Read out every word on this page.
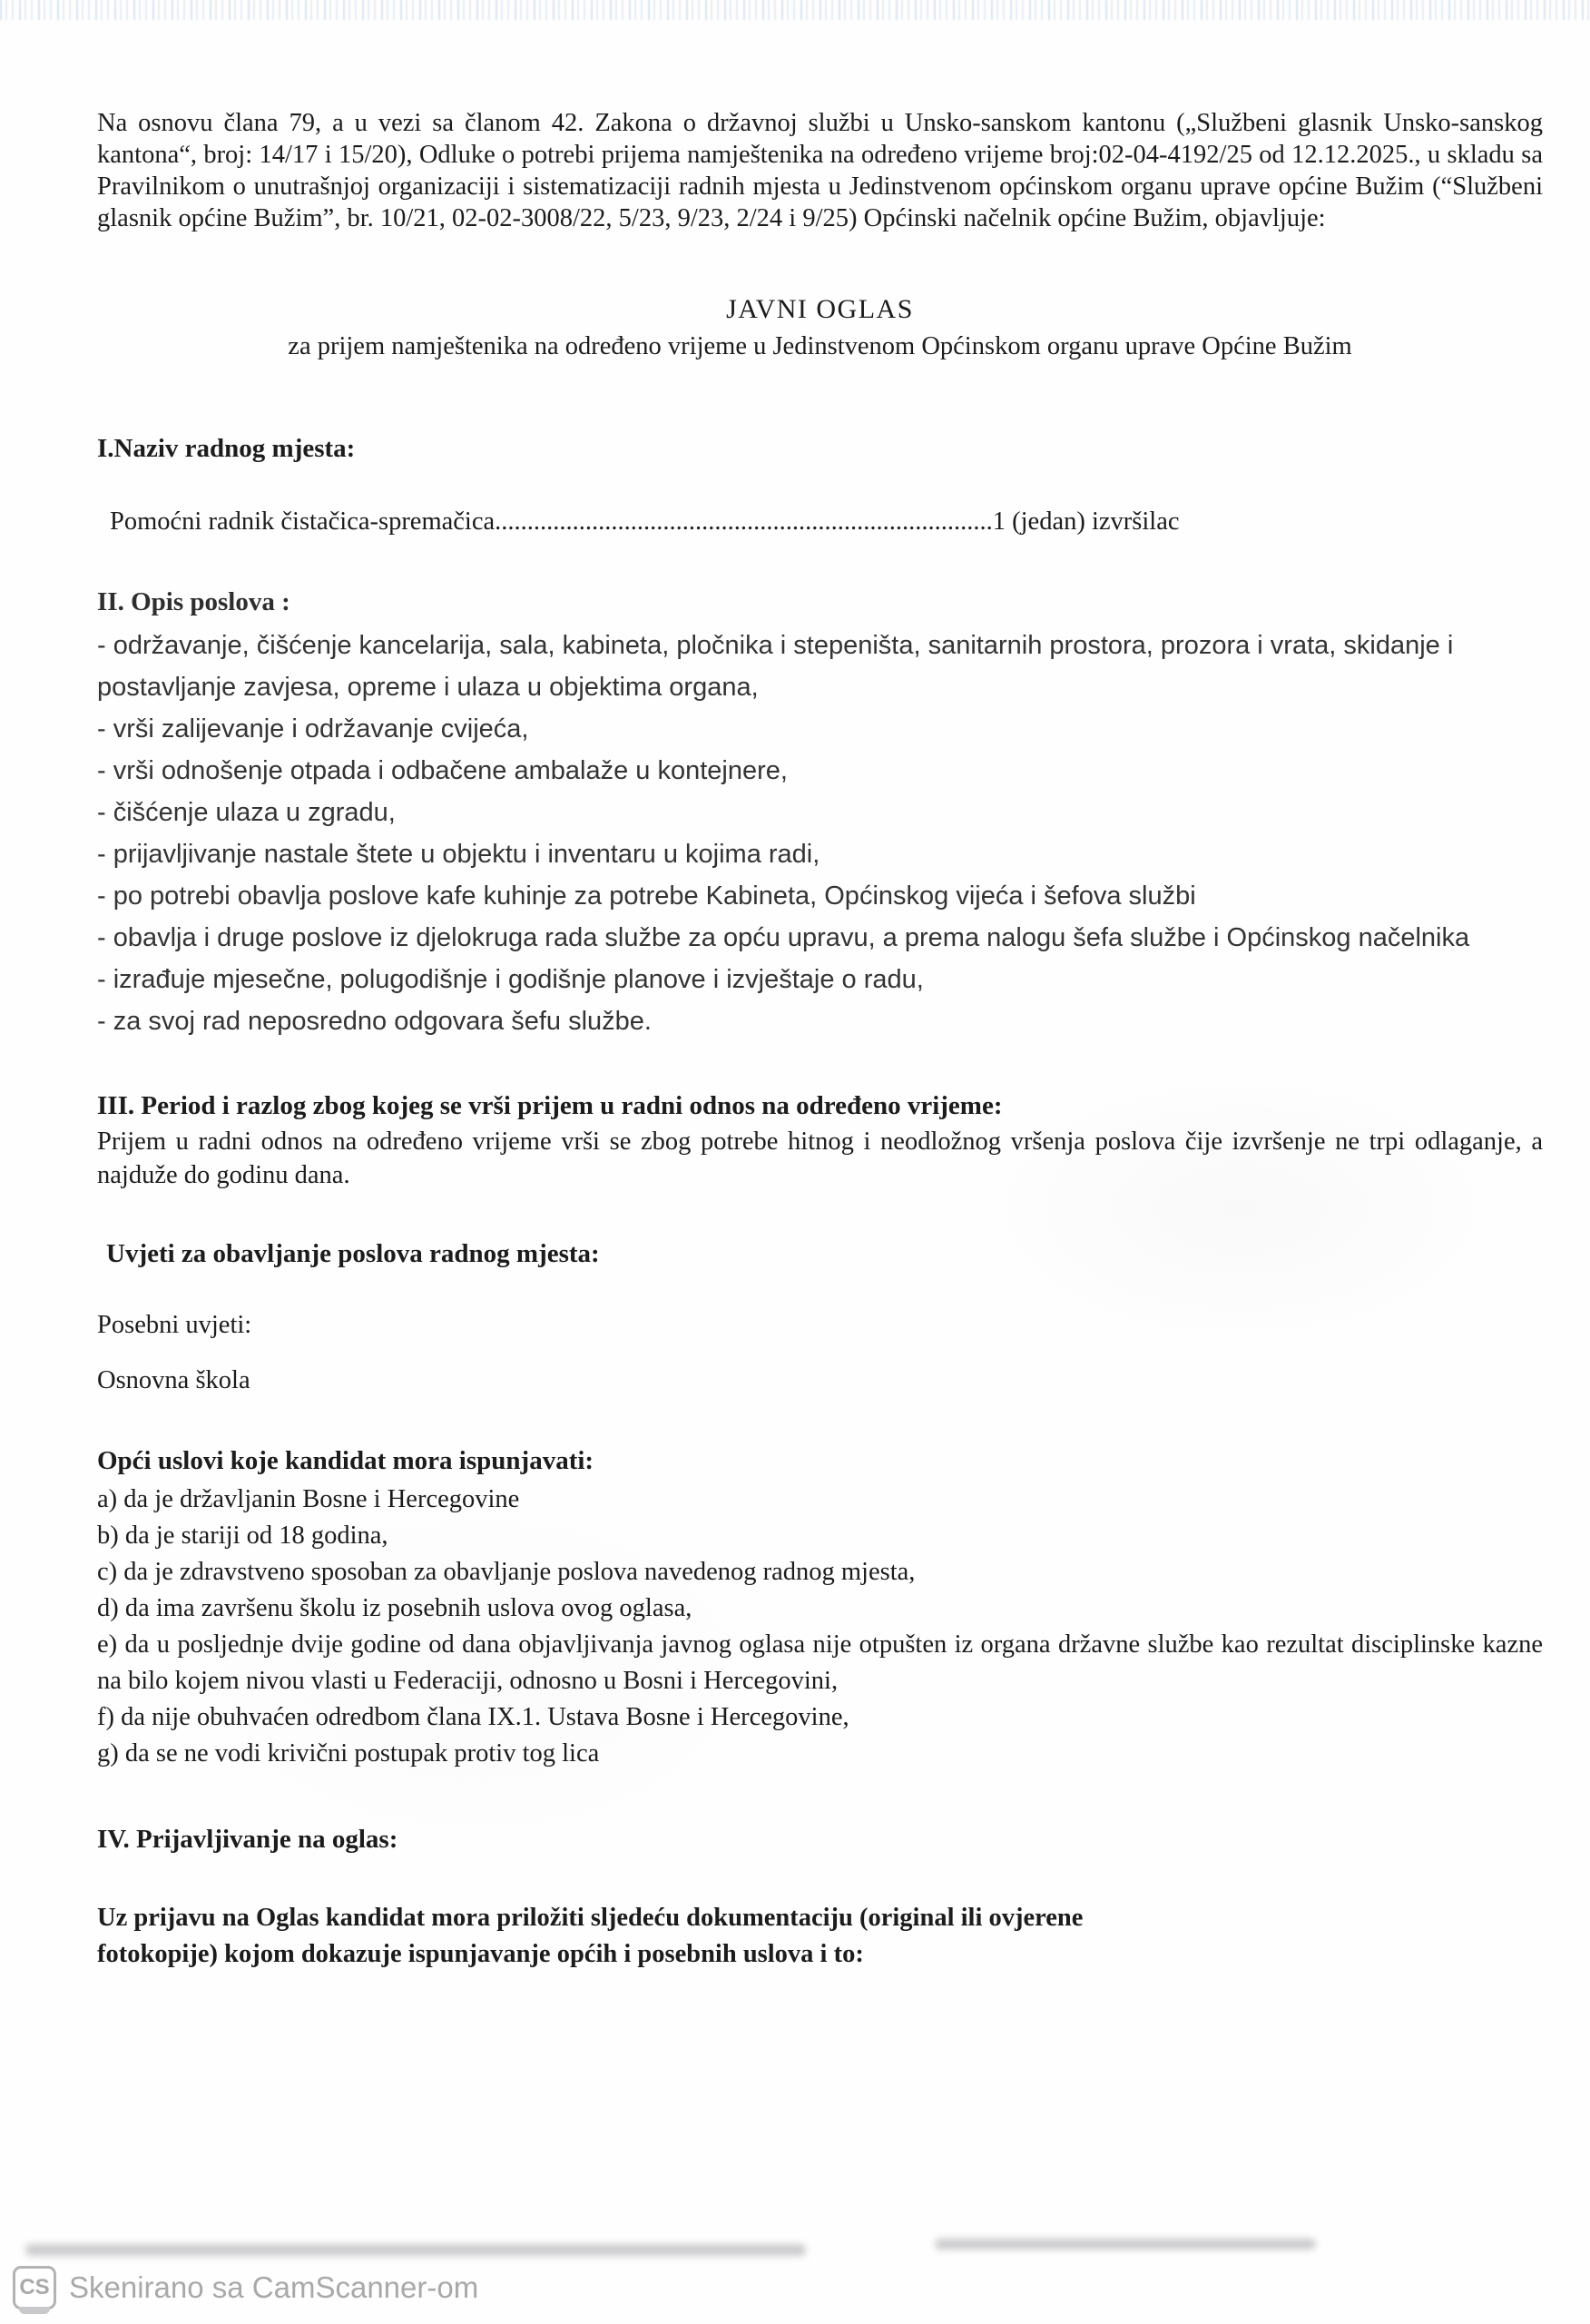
Na osnovu člana 79, a u vezi sa članom 42. Zakona o državnoj službi u Unsko-sanskom kantonu („Službeni glasnik Unsko-sanskog kantona“, broj: 14/17 i 15/20), Odluke o potrebi prijema namještenika na određeno vrijeme broj:02-04-4192/25 od 12.12.2025., u skladu sa Pravilnikom o unutrašnjoj organizaciji i sistematizaciji radnih mjesta u Jedinstvenom općinskom organu uprave općine Bužim (“Službeni glasnik općine Bužim”, br. 10/21, 02-02-3008/22, 5/23, 9/23, 2/24 i 9/25) Općinski načelnik općine Bužim, objavljuje:

JAVNI OGLAS

za prijem namještenika na određeno vrijeme u Jedinstvenom Općinskom organu uprave Općine Bužim

I.Naziv radnog mjesta:

Pomoćni radnik čistačica-spremačica.............................................................................1 (jedan) izvršilac

II. Opis poslova :

- održavanje, čišćenje kancelarija, sala, kabineta, pločnika i stepeništa, sanitarnih prostora, prozora i vrata, skidanje i postavljanje zavjesa, opreme i ulaza u objektima organa,
- vrši zalijevanje i održavanje cvijeća,
- vrši odnošenje otpada i odbačene ambalaže u kontejnere,
- čišćenje ulaza u zgradu,
- prijavljivanje nastale štete u objektu i inventaru u kojima radi,
- po potrebi obavlja poslove kafe kuhinje za potrebe Kabineta, Općinskog vijeća i šefova službi
- obavlja i druge poslove iz djelokruga rada službe za opću upravu, a prema nalogu šefa službe i Općinskog načelnika
- izrađuje mjesečne, polugodišnje i godišnje planove i izvještaje o radu,
- za svoj rad neposredno odgovara šefu službe.

III. Period i razlog zbog kojeg se vrši prijem u radni odnos na određeno vrijeme:

Prijem u radni odnos na određeno vrijeme vrši se zbog potrebe hitnog i neodložnog vršenja poslova čije izvršenje ne trpi odlaganje, a najduže do godinu dana.

Uvjeti za obavljanje poslova radnog mjesta:

Posebni uvjeti:

Osnovna škola

Opći uslovi koje kandidat mora ispunjavati:

a) da je državljanin Bosne i Hercegovine
b) da je stariji od 18 godina,
c) da je zdravstveno sposoban za obavljanje poslova navedenog radnog mjesta,
d) da ima završenu školu iz posebnih uslova ovog oglasa,
e) da u posljednje dvije godine od dana objavljivanja javnog oglasa nije otpušten iz organa državne službe kao rezultat disciplinske kazne na bilo kojem nivou vlasti u Federaciji, odnosno u Bosni i Hercegovini,
f) da nije obuhvaćen odredbom člana IX.1. Ustava Bosne i Hercegovine,
g) da se ne vodi krivični postupak protiv tog lica

IV. Prijavljivanje na oglas:

Uz prijavu na Oglas kandidat mora priložiti sljedeću dokumentaciju (original ili ovjerene fotokopije) kojom dokazuje ispunjavanje općih i posebnih uslova i to:

CS Skenirano sa CamScanner-om
